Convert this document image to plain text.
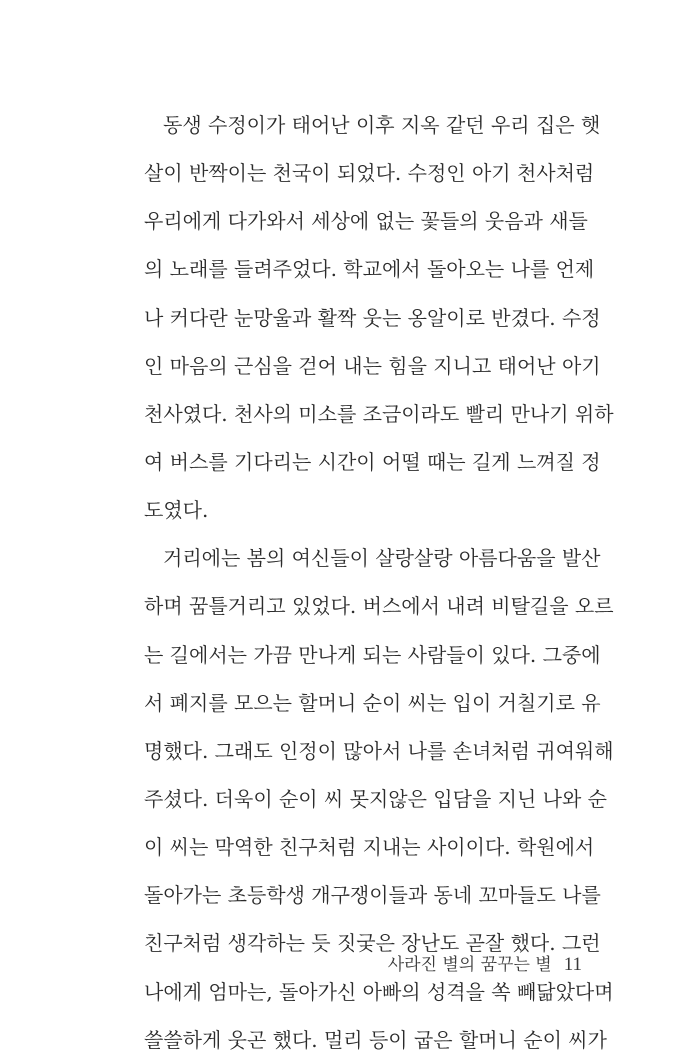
동생 수정이가 태어난 이후 지옥 같던 우리 집은 햇
살이 반짝이는 천국이 되었다. 수정인 아기 천사처럼
우리에게 다가와서 세상에 없는 꽃들의 웃음과 새들
의 노래를 들려주었다. 학교에서 돌아오는 나를 언제
나 커다란 눈망울과 활짝 웃는 옹알이로 반겼다. 수정
인 마음의 근심을 걷어 내는 힘을 지니고 태어난 아기
천사였다. 천사의 미소를 조금이라도 빨리 만나기 위하
여 버스를 기다리는 시간이 어떨 때는 길게 느껴질 정
도였다.
거리에는 봄의 여신들이 살랑살랑 아름다움을 발산
하며 꿈틀거리고 있었다. 버스에서 내려 비탈길을 오르
는 길에서는 가끔 만나게 되는 사람들이 있다. 그중에
서 폐지를 모으는 할머니 순이 씨는 입이 거칠기로 유
명했다. 그래도 인정이 많아서 나를 손녀처럼 귀여워해
주셨다. 더욱이 순이 씨 못지않은 입담을 지닌 나와 순
이 씨는 막역한 친구처럼 지내는 사이이다. 학원에서
돌아가는 초등학생 개구쟁이들과 동네 꼬마들도 나를
친구처럼 생각하는 듯 짓궂은 장난도 곧잘 했다. 그런
나에게 엄마는, 돌아가신 아빠의 성격을 쏙 빼닮았다며
쓸쓸하게 웃곤 했다. 멀리 등이 굽은 할머니 순이 씨가
사라진 별의 꿈꾸는 별 11
